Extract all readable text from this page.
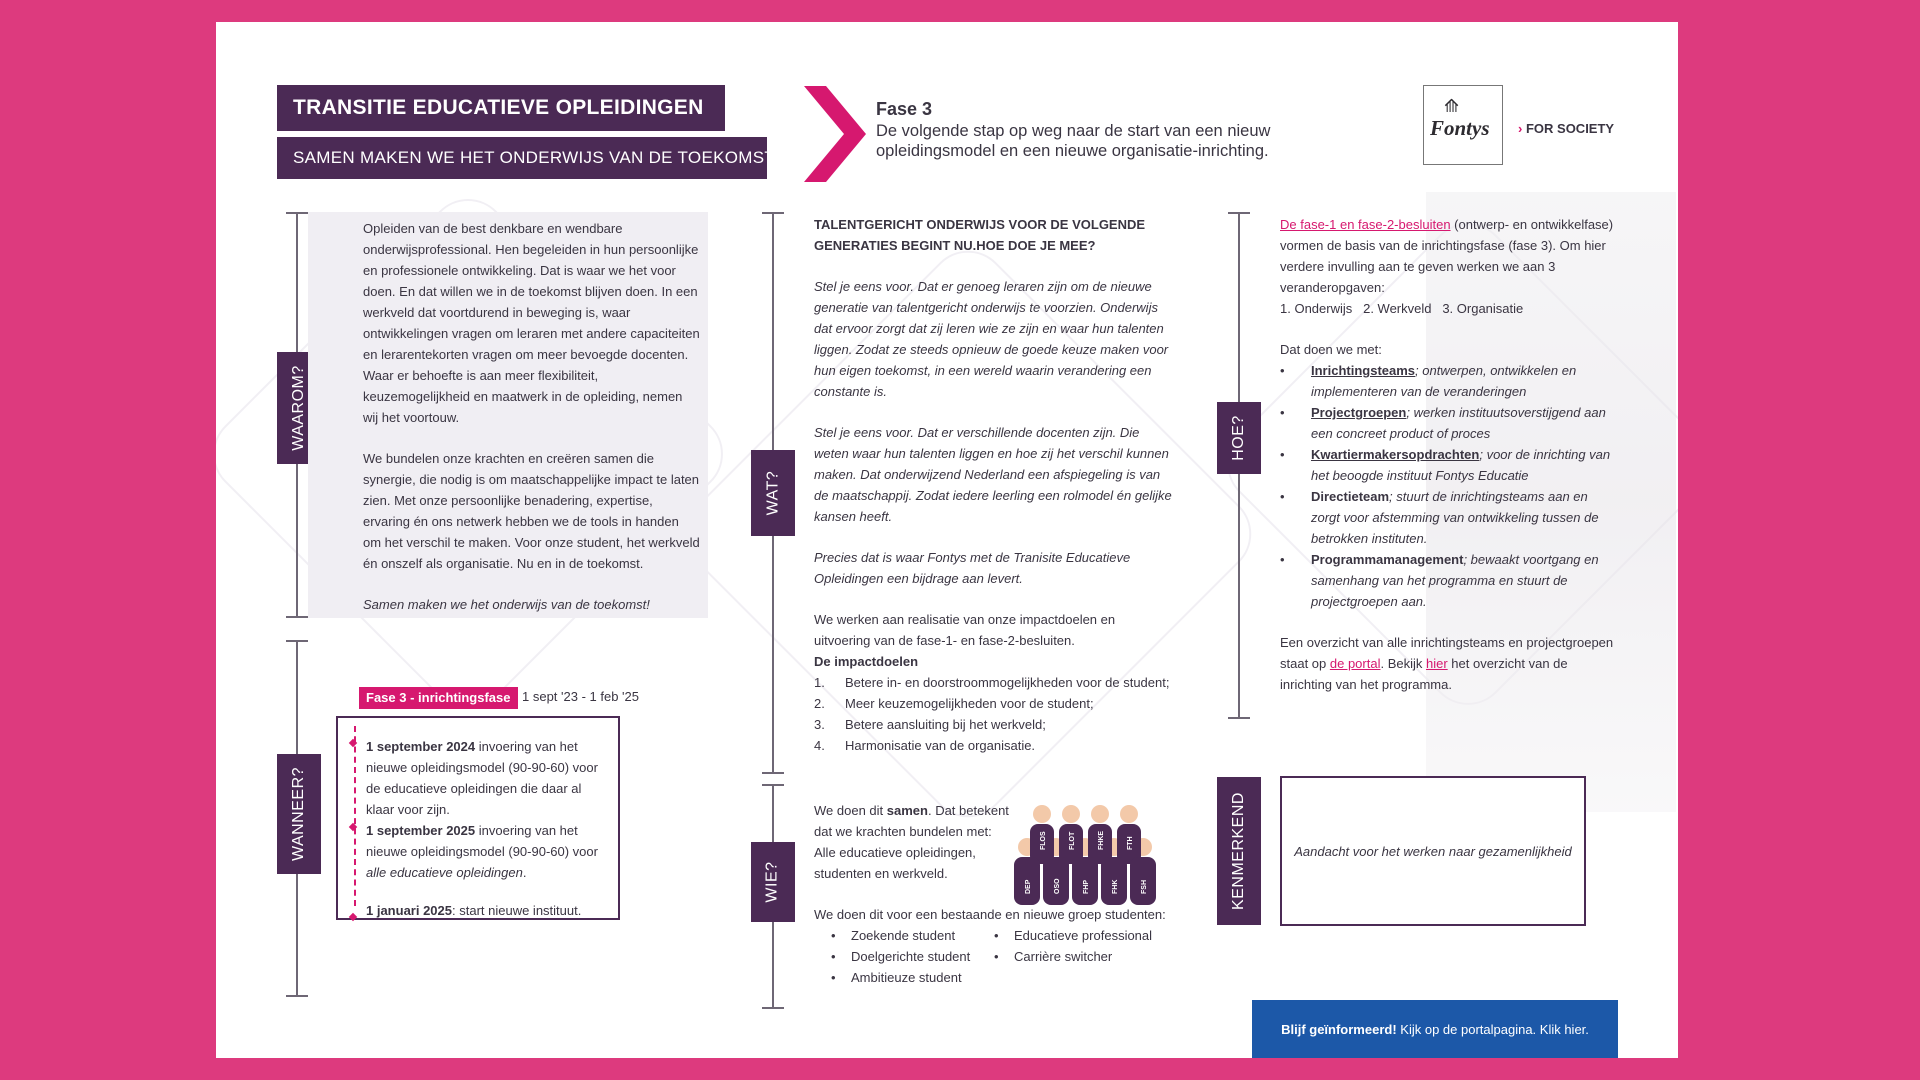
TRANSITIE EDUCATIEVE OPLEIDINGEN
SAMEN MAKEN WE HET ONDERWIJS VAN DE TOEKOMST
Fase 3
De volgende stap op weg naar de start van een nieuw opleidingsmodel en een nieuwe organisatie-inrichting.
⟰
Fontys › FOR SOCIETY
WAAROM?

Opleiden van de best denkbare en wendbare onderwijsprofessional. Hen begeleiden in hun persoonlijke en professionele ontwikkeling. Dat is waar we het voor doen. En dat willen we in de toekomst blijven doen. In een werkveld dat voortdurend in beweging is, waar ontwikkelingen vragen om leraren met andere capaciteiten en lerarentekorten vragen om meer bevoegde docenten. Waar er behoefte is aan meer flexibiliteit, keuzemogelijkheid en maatwerk in de opleiding, nemen wij het voortouw.

We bundelen onze krachten en creëren samen die synergie, die nodig is om maatschappelijke impact te laten zien. Met onze persoonlijke benadering, expertise, ervaring én ons netwerk hebben we de tools in handen om het verschil te maken. Voor onze student, het werkveld én onszelf als organisatie. Nu en in de toekomst.

Samen maken we het onderwijs van de toekomst!

WANNEER?
Fase 3 - inrichtingsfase 1 sept '23 - 1 feb '25
1 september 2024 invoering van het nieuwe opleidingsmodel (90-90-60) voor de educatieve opleidingen die daar al klaar voor zijn.
1 september 2025 invoering van het nieuwe opleidingsmodel (90-90-60) voor alle educatieve opleidingen.
1 januari 2025: start nieuwe instituut.
WAT?

TALENTGERICHT ONDERWIJS VOOR DE VOLGENDE GENERATIES BEGINT NU.HOE DOE JE MEE?

Stel je eens voor. Dat er genoeg leraren zijn om de nieuwe generatie van talentgericht onderwijs te voorzien. Onderwijs dat ervoor zorgt dat zij leren wie ze zijn en waar hun talenten liggen. Zodat ze steeds opnieuw de goede keuze maken voor hun eigen toekomst, in een wereld waarin verandering een constante is.

Stel je eens voor. Dat er verschillende docenten zijn. Die weten waar hun talenten liggen en hoe zij het verschil kunnen maken. Dat onderwijzend Nederland een afspiegeling is van de maatschappij. Zodat iedere leerling een rolmodel én gelijke kansen heeft.

Precies dat is waar Fontys met de Tranisite Educatieve Opleidingen een bijdrage aan levert.

We werken aan realisatie van onze impactdoelen en uitvoering van de fase-1- en fase-2-besluiten.

De impactdoelen
1. Betere in- en doorstroommogelijkheden voor de student;
2. Meer keuzemogelijkheden voor de student;
3. Betere aansluiting bij het werkveld;
4. Harmonisatie van de organisatie.
WIE?
We doen dit samen. Dat betekent dat we krachten bundelen met: Alle educatieve opleidingen, studenten en werkveld.
FLOS	FLOT	FHKE	FTH
DEP	OSO	FHP	FHK	FSH
We doen dit voor een bestaande en nieuwe groep studenten:
• Zoekende student
• Doelgerichte student
• Ambitieuze student
• Educatieve professional
• Carrière switcher
HOE?

De fase-1 en fase-2-besluiten (ontwerp- en ontwikkelfase) vormen de basis van de inrichtingsfase (fase 3). Om hier verdere invulling aan te geven werken we aan 3 veranderopgaven:

1. Onderwijs   2. Werkveld   3. Organisatie

Dat doen we met:

• Inrichtingsteams; ontwerpen, ontwikkelen en implementeren van de veranderingen
• Projectgroepen; werken instituutsoverstijgend aan een concreet product of proces
• Kwartiermakersopdrachten; voor de inrichting van het beoogde instituut Fontys Educatie
• Directieteam; stuurt de inrichtingsteams aan en zorgt voor afstemming van ontwikkeling tussen de betrokken instituten.
• Programmamanagement; bewaakt voortgang en samenhang van het programma en stuurt de projectgroepen aan.

Een overzicht van alle inrichtingsteams en projectgroepen staat op de portal. Bekijk hier het overzicht van de inrichting van het programma.

KENMERKEND	Aandacht voor het werken naar gezamenlijkheid
Blijf geïnformeerd! Kijk op de portalpagina. Klik hier.
